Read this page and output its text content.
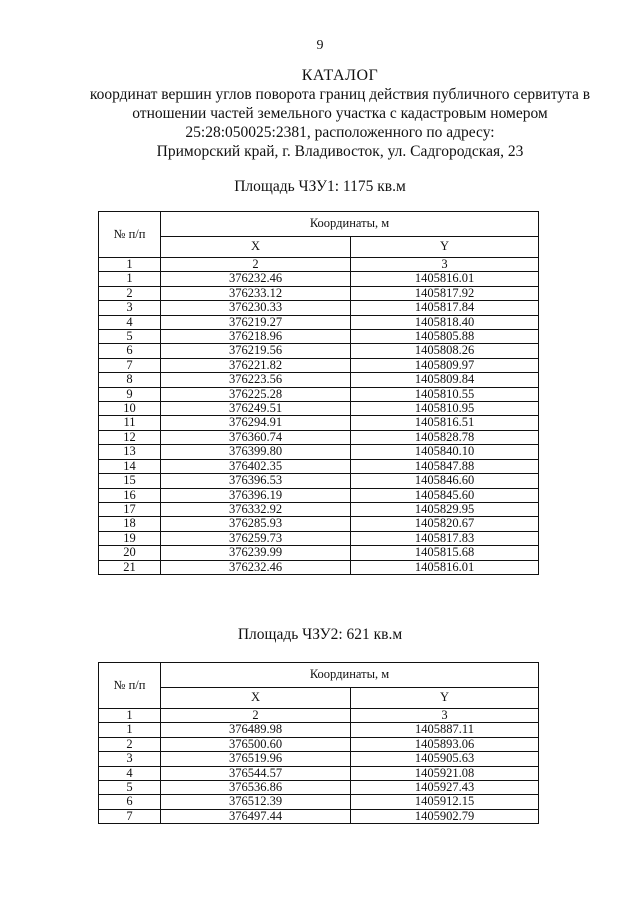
9
КАТАЛОГ
координат вершин углов поворота границ действия публичного сервитута в
отношении частей земельного участка с кадастровым номером
25:28:050025:2381, расположенного по адресу:
Приморский край, г. Владивосток, ул. Садгородская, 23
Площадь ЧЗУ1: 1175 кв.м
№ п/п	Координаты, м	
	X	Y
1	2	3
1	376232.46	1405816.01
2	376233.12	1405817.92
3	376230.33	1405817.84
4	376219.27	1405818.40
5	376218.96	1405805.88
6	376219.56	1405808.26
7	376221.82	1405809.97
8	376223.56	1405809.84
9	376225.28	1405810.55
10	376249.51	1405810.95
11	376294.91	1405816.51
12	376360.74	1405828.78
13	376399.80	1405840.10
14	376402.35	1405847.88
15	376396.53	1405846.60
16	376396.19	1405845.60
17	376332.92	1405829.95
18	376285.93	1405820.67
19	376259.73	1405817.83
20	376239.99	1405815.68
21	376232.46	1405816.01
Площадь ЧЗУ2: 621 кв.м
№ п/п	Координаты, м	
	X	Y
1	2	3
1	376489.98	1405887.11
2	376500.60	1405893.06
3	376519.96	1405905.63
4	376544.57	1405921.08
5	376536.86	1405927.43
6	376512.39	1405912.15
7	376497.44	1405902.79
